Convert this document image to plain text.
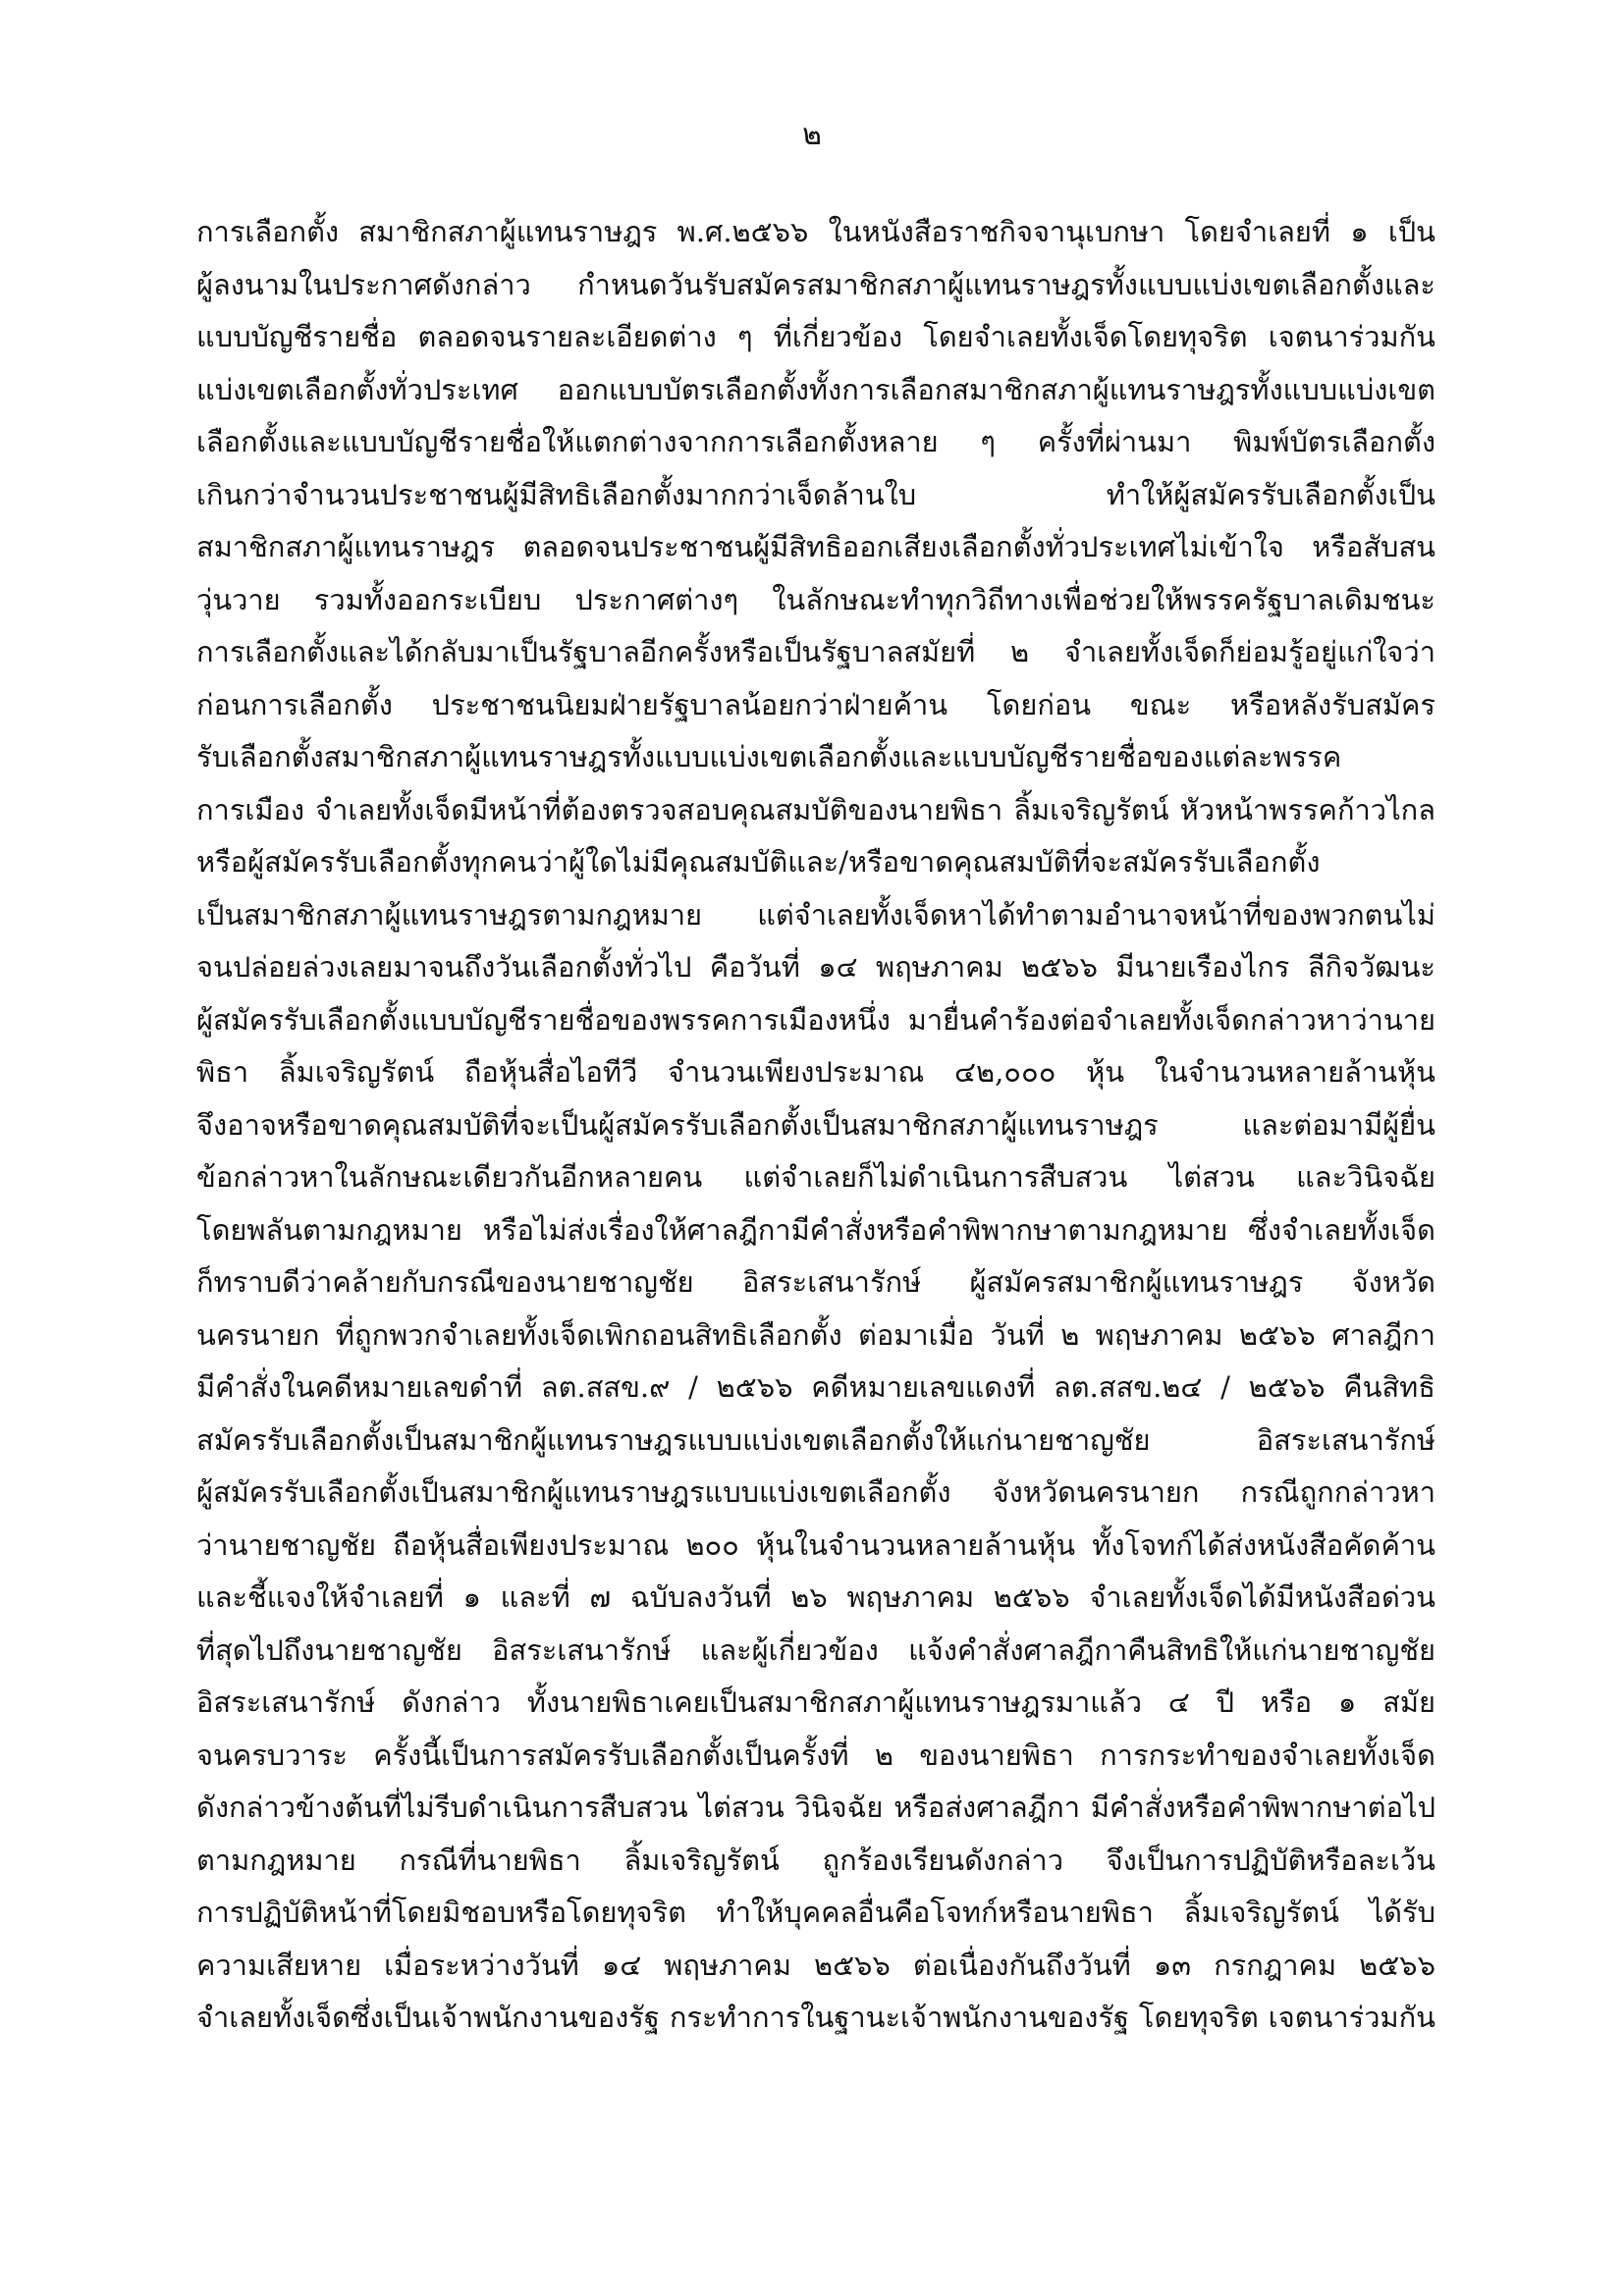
๒
การเลือกตั้ง สมาชิกสภาผู้แทนราษฎร พ.ศ.๒๕๖๖ ในหนังสือราชกิจจานุเบกษา โดยจำเลยที่ ๑ เป็น
ผู้ลงนามในประกาศดังกล่าว กำหนดวันรับสมัครสมาชิกสภาผู้แทนราษฎรทั้งแบบแบ่งเขตเลือกตั้งและ
แบบบัญชีรายชื่อ ตลอดจนรายละเอียดต่าง ๆ ที่เกี่ยวข้อง โดยจำเลยทั้งเจ็ดโดยทุจริต เจตนาร่วมกัน
แบ่งเขตเลือกตั้งทั่วประเทศ ออกแบบบัตรเลือกตั้งทั้งการเลือกสมาชิกสภาผู้แทนราษฎรทั้งแบบแบ่งเขต
เลือกตั้งและแบบบัญชีรายชื่อให้แตกต่างจากการเลือกตั้งหลาย ๆ ครั้งที่ผ่านมา พิมพ์บัตรเลือกตั้ง
เกินกว่าจำนวนประชาชนผู้มีสิทธิเลือกตั้งมากกว่าเจ็ดล้านใบ ทำให้ผู้สมัครรับเลือกตั้งเป็น
สมาชิกสภาผู้แทนราษฎร ตลอดจนประชาชนผู้มีสิทธิออกเสียงเลือกตั้งทั่วประเทศไม่เข้าใจ หรือสับสน
วุ่นวาย รวมทั้งออกระเบียบ ประกาศต่างๆ ในลักษณะทำทุกวิถีทางเพื่อช่วยให้พรรครัฐบาลเดิมชนะ
การเลือกตั้งและได้กลับมาเป็นรัฐบาลอีกครั้งหรือเป็นรัฐบาลสมัยที่ ๒ จำเลยทั้งเจ็ดก็ย่อมรู้อยู่แก่ใจว่า
ก่อนการเลือกตั้ง ประชาชนนิยมฝ่ายรัฐบาลน้อยกว่าฝ่ายค้าน โดยก่อน ขณะ หรือหลังรับสมัคร
รับเลือกตั้งสมาชิกสภาผู้แทนราษฎรทั้งแบบแบ่งเขตเลือกตั้งและแบบบัญชีรายชื่อของแต่ละพรรค
การเมือง จำเลยทั้งเจ็ดมีหน้าที่ต้องตรวจสอบคุณสมบัติของนายพิธา ลิ้มเจริญรัตน์ หัวหน้าพรรคก้าวไกล
หรือผู้สมัครรับเลือกตั้งทุกคนว่าผู้ใดไม่มีคุณสมบัติและ/หรือขาดคุณสมบัติที่จะสมัครรับเลือกตั้ง
เป็นสมาชิกสภาผู้แทนราษฎรตามกฎหมาย แต่จำเลยทั้งเจ็ดหาได้ทำตามอำนาจหน้าที่ของพวกตนไม่
จนปล่อยล่วงเลยมาจนถึงวันเลือกตั้งทั่วไป คือวันที่ ๑๔ พฤษภาคม ๒๕๖๖ มีนายเรืองไกร ลีกิจวัฒนะ
ผู้สมัครรับเลือกตั้งแบบบัญชีรายชื่อของพรรคการเมืองหนึ่ง มายื่นคำร้องต่อจำเลยทั้งเจ็ดกล่าวหาว่านาย
พิธา ลิ้มเจริญรัตน์ ถือหุ้นสื่อไอทีวี จำนวนเพียงประมาณ ๔๒,๐๐๐ หุ้น ในจำนวนหลายล้านหุ้น
จึงอาจหรือขาดคุณสมบัติที่จะเป็นผู้สมัครรับเลือกตั้งเป็นสมาชิกสภาผู้แทนราษฎร และต่อมามีผู้ยื่น
ข้อกล่าวหาในลักษณะเดียวกันอีกหลายคน แต่จำเลยก็ไม่ดำเนินการสืบสวน ไต่สวน และวินิจฉัย
โดยพลันตามกฎหมาย หรือไม่ส่งเรื่องให้ศาลฎีกามีคำสั่งหรือคำพิพากษาตามกฎหมาย ซึ่งจำเลยทั้งเจ็ด
ก็ทราบดีว่าคล้ายกับกรณีของนายชาญชัย อิสระเสนารักษ์ ผู้สมัครสมาชิกผู้แทนราษฎร จังหวัด
นครนายก ที่ถูกพวกจำเลยทั้งเจ็ดเพิกถอนสิทธิเลือกตั้ง ต่อมาเมื่อ วันที่ ๒ พฤษภาคม ๒๕๖๖ ศาลฎีกา
มีคำสั่งในคดีหมายเลขดำที่ ลต.สสข.๙ / ๒๕๖๖ คดีหมายเลขแดงที่ ลต.สสข.๒๔ / ๒๕๖๖ คืนสิทธิ
สมัครรับเลือกตั้งเป็นสมาชิกผู้แทนราษฎรแบบแบ่งเขตเลือกตั้งให้แก่นายชาญชัย อิสระเสนารักษ์
ผู้สมัครรับเลือกตั้งเป็นสมาชิกผู้แทนราษฎรแบบแบ่งเขตเลือกตั้ง จังหวัดนครนายก กรณีถูกกล่าวหา
ว่านายชาญชัย ถือหุ้นสื่อเพียงประมาณ ๒๐๐ หุ้นในจำนวนหลายล้านหุ้น ทั้งโจทก์ได้ส่งหนังสือคัดค้าน
และชี้แจงให้จำเลยที่ ๑ และที่ ๗ ฉบับลงวันที่ ๒๖ พฤษภาคม ๒๕๖๖ จำเลยทั้งเจ็ดได้มีหนังสือด่วน
ที่สุดไปถึงนายชาญชัย อิสระเสนารักษ์ และผู้เกี่ยวข้อง แจ้งคำสั่งศาลฎีกาคืนสิทธิให้แก่นายชาญชัย
อิสระเสนารักษ์ ดังกล่าว ทั้งนายพิธาเคยเป็นสมาชิกสภาผู้แทนราษฎรมาแล้ว ๔ ปี หรือ ๑ สมัย
จนครบวาระ ครั้งนี้เป็นการสมัครรับเลือกตั้งเป็นครั้งที่ ๒ ของนายพิธา การกระทำของจำเลยทั้งเจ็ด
ดังกล่าวข้างต้นที่ไม่รีบดำเนินการสืบสวน ไต่สวน วินิจฉัย หรือส่งศาลฎีกา มีคำสั่งหรือคำพิพากษาต่อไป
ตามกฎหมาย กรณีที่นายพิธา ลิ้มเจริญรัตน์ ถูกร้องเรียนดังกล่าว จึงเป็นการปฏิบัติหรือละเว้น
การปฏิบัติหน้าที่โดยมิชอบหรือโดยทุจริต ทำให้บุคคลอื่นคือโจทก์หรือนายพิธา ลิ้มเจริญรัตน์ ได้รับ
ความเสียหาย เมื่อระหว่างวันที่ ๑๔ พฤษภาคม ๒๕๖๖ ต่อเนื่องกันถึงวันที่ ๑๓ กรกฎาคม ๒๕๖๖
จำเลยทั้งเจ็ดซึ่งเป็นเจ้าพนักงานของรัฐ กระทำการในฐานะเจ้าพนักงานของรัฐ โดยทุจริต เจตนาร่วมกัน
